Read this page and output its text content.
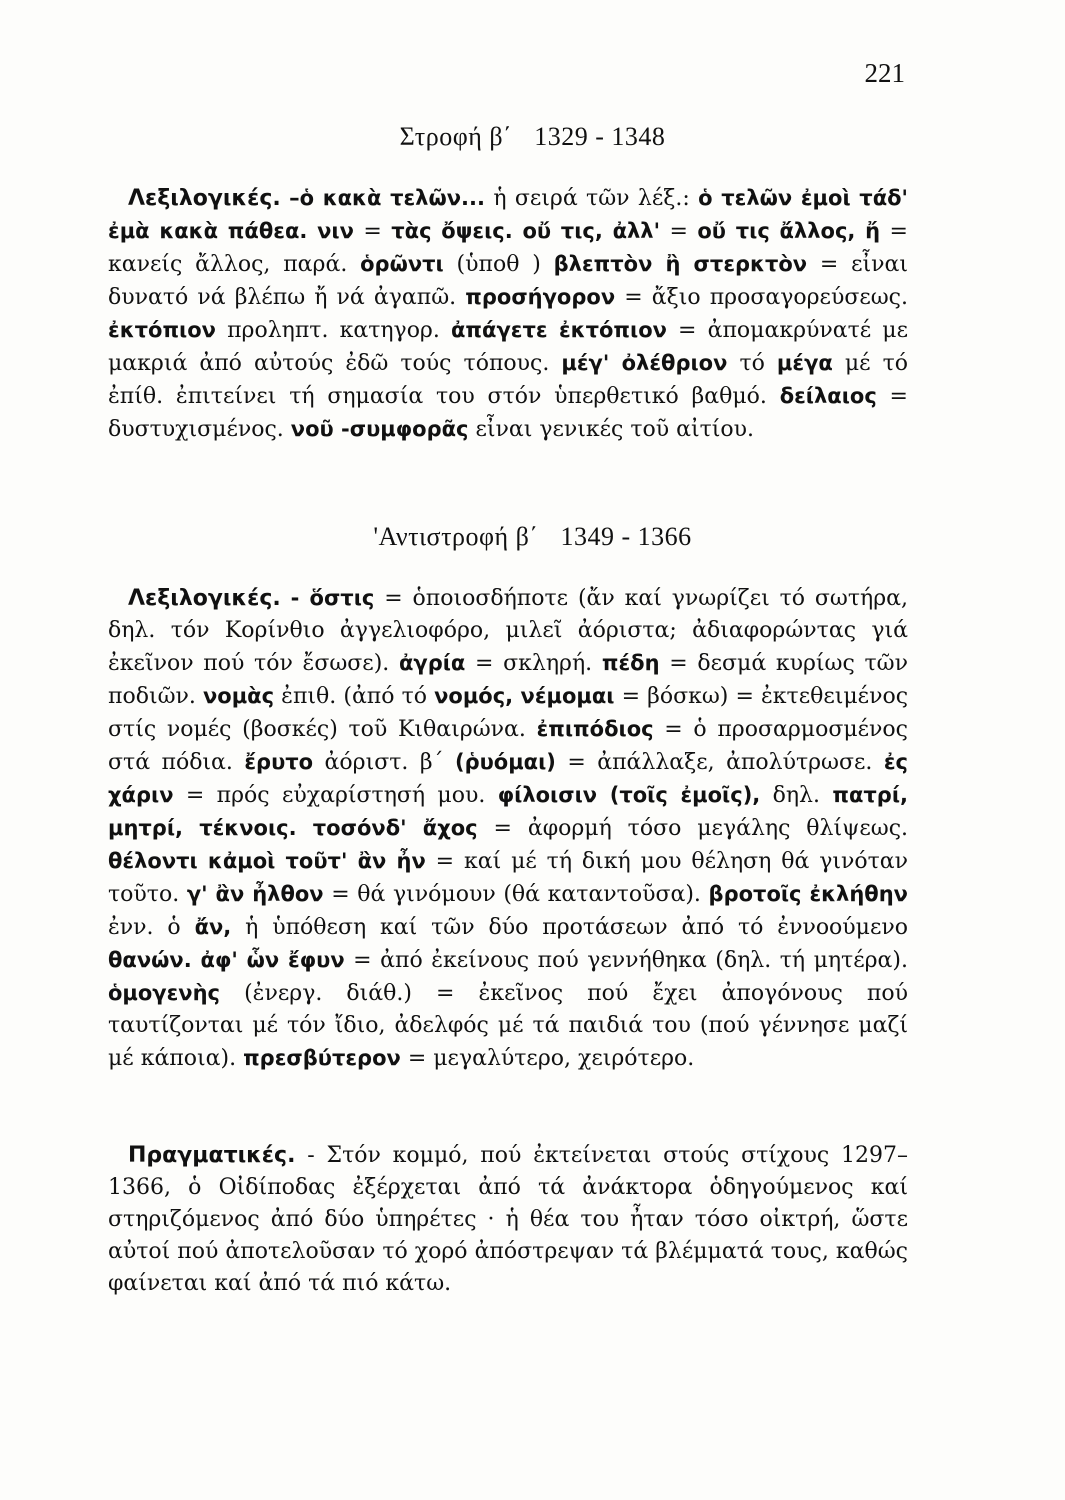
221
Στροφή β΄ 1329 - 1348
Λεξιλογικές. –ὁ κακὰ τελῶν... ἡ σειρά τῶν λέξ.: ὁ τελῶν ἐμοὶ τάδ' ἐμὰ κακὰ πάθεα. νιν = τὰς ὄψεις. οὔ τις, ἀλλ' = οὔ τις ἄλλος, ἤ = κανείς ἄλλος, παρά. ὁρῶντι (ὑποθ ) βλεπτὸν ἢ στερκτὸν = εἶναι δυνατό νά βλέπω ἤ νά ἀγαπῶ. προσήγορον = ἄξιο προσαγορεύσεως. ἐκτόπιον προληπτ. κατηγορ. ἀπάγετε ἐκτόπιον = ἀπομακρύνατέ με μακριά ἀπό αὐτούς ἐδῶ τούς τόπους. μέγ' ὀλέθριον τό μέγα μέ τό ἐπίθ. ἐπιτείνει τή σημασία του στόν ὑπερθετικό βαθμό. δείλαιος = δυστυχισμένος. νοῦ -συμφορᾶς εἶναι γενικές τοῦ αἰτίου.
'Αντιστροφή β΄ 1349 - 1366
Λεξιλογικές. - ὅστις = ὁποιοσδήποτε (ἄν καί γνωρίζει τό σωτήρα, δηλ. τόν Κορίνθιο ἀγγελιοφόρο, μιλεῖ ἀόριστα; ἀδιαφορώντας γιά ἐκεῖνον πού τόν ἔσωσε). ἀγρία = σκληρή. πέδη = δεσμά κυρίως τῶν ποδιῶν. νομὰς ἐπιθ. (ἀπό τό νομός, νέμομαι = βόσκω) = ἐκτεθειμένος στίς νομές (βοσκές) τοῦ Κιθαιρώνα. ἐπιπόδιος = ὁ προσαρμοσμένος στά πόδια. ἔρυτο ἀόριστ. β΄ (ῥυόμαι) = ἀπάλλαξε, ἀπολύτρωσε. ἐς χάριν = πρός εὐχαρίστησή μου. φίλοισιν (τοῖς ἐμοῖς), δηλ. πατρί, μητρί, τέκνοις. τοσόνδ' ἄχος = ἀφορμή τόσο μεγάλης θλίψεως. θέλοντι κἀμοὶ τοῦτ' ἂν ἦν = καί μέ τή δική μου θέληση θά γινόταν τοῦτο. γ' ἂν ἦλθον = θά γινόμουν (θά καταντοῦσα). βροτοῖς ἐκλήθην ἐνν. ὁ ἄν, ἡ ὑπόθεση καί τῶν δύο προτάσεων ἀπό τό ἐννοούμενο θανών. ἀφ' ὧν ἔφυν = ἀπό ἐκείνους πού γεννήθηκα (δηλ. τή μητέρα). ὁμογενὴς (ἐνεργ. διάθ.) = ἐκεῖνος πού ἔχει ἀπογόνους πού ταυτίζονται μέ τόν ἴδιο, ἀδελφός μέ τά παιδιά του (πού γέννησε μαζί μέ κάποια). πρεσβύτερον = μεγαλύτερο, χειρότερο.
Πραγματικές. - Στόν κομμό, πού ἐκτείνεται στούς στίχους 1297–1366, ὁ Οἰδίποδας ἐξέρχεται ἀπό τά ἀνάκτορα ὁδηγούμενος καί στηριζόμενος ἀπό δύο ὑπηρέτες · ἡ θέα του ἦταν τόσο οἰκτρή, ὥστε αὐτοί πού ἀποτελοῦσαν τό χορό ἀπόστρεψαν τά βλέμματά τους, καθώς φαίνεται καί ἀπό τά πιό κάτω.
